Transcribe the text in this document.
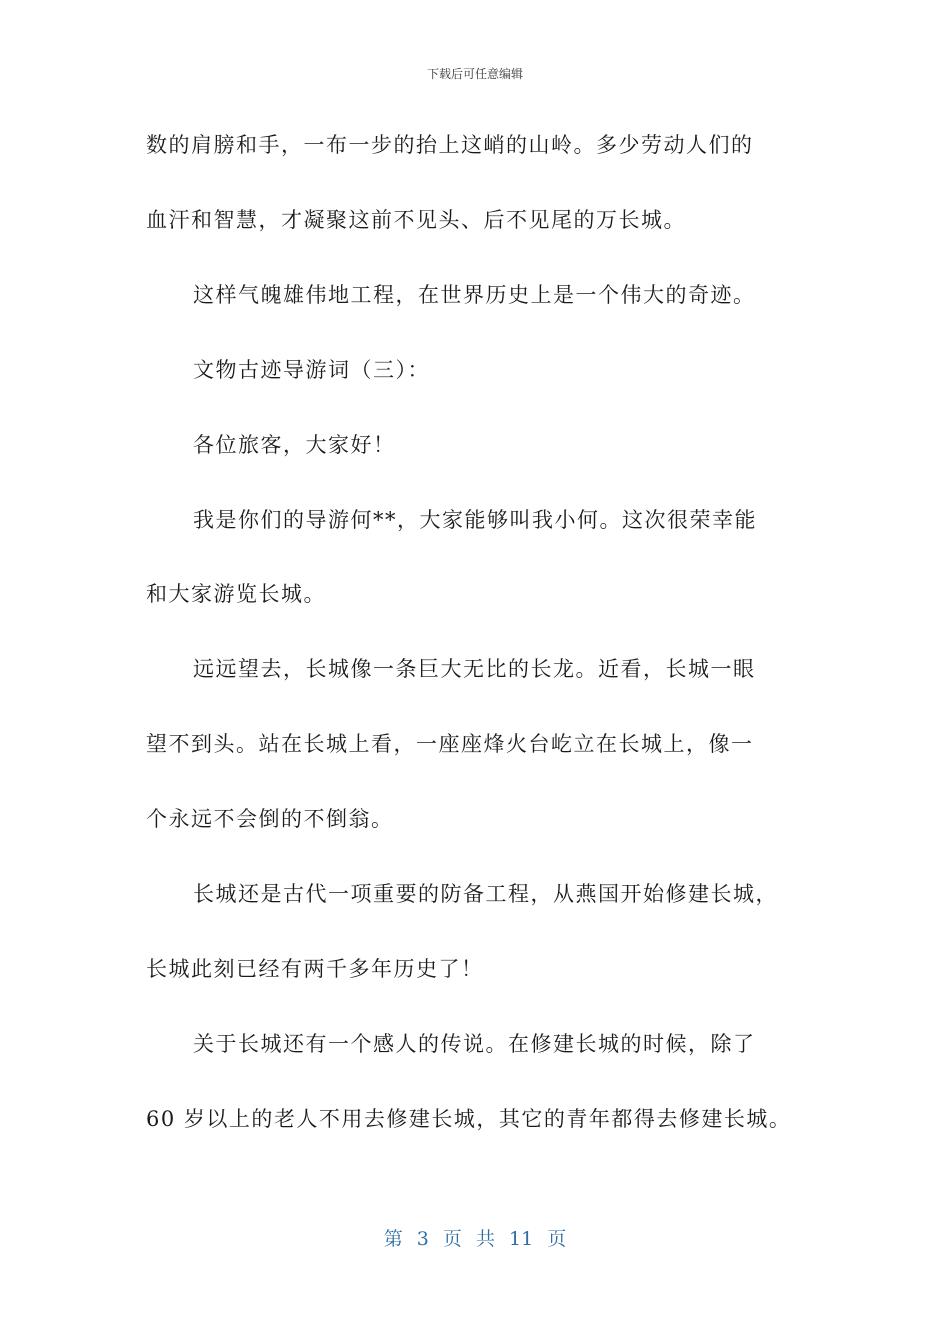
下载后可任意编辑
数的肩膀和手，一布一步的抬上这峭的山岭。多少劳动人们的
血汗和智慧，才凝聚这前不见头、后不见尾的万长城。
这样气魄雄伟地工程，在世界历史上是一个伟大的奇迹。
文物古迹导游词（三）：
各位旅客，大家好！
我是你们的导游何**，大家能够叫我小何。这次很荣幸能
和大家游览长城。
远远望去，长城像一条巨大无比的长龙。近看，长城一眼
望不到头。站在长城上看，一座座烽火台屹立在长城上，像一
个永远不会倒的不倒翁。
长城还是古代一项重要的防备工程，从燕国开始修建长城，
长城此刻已经有两千多年历史了！
关于长城还有一个感人的传说。在修建长城的时候，除了
60 岁以上的老人不用去修建长城，其它的青年都得去修建长城。
第 3 页 共 11 页
